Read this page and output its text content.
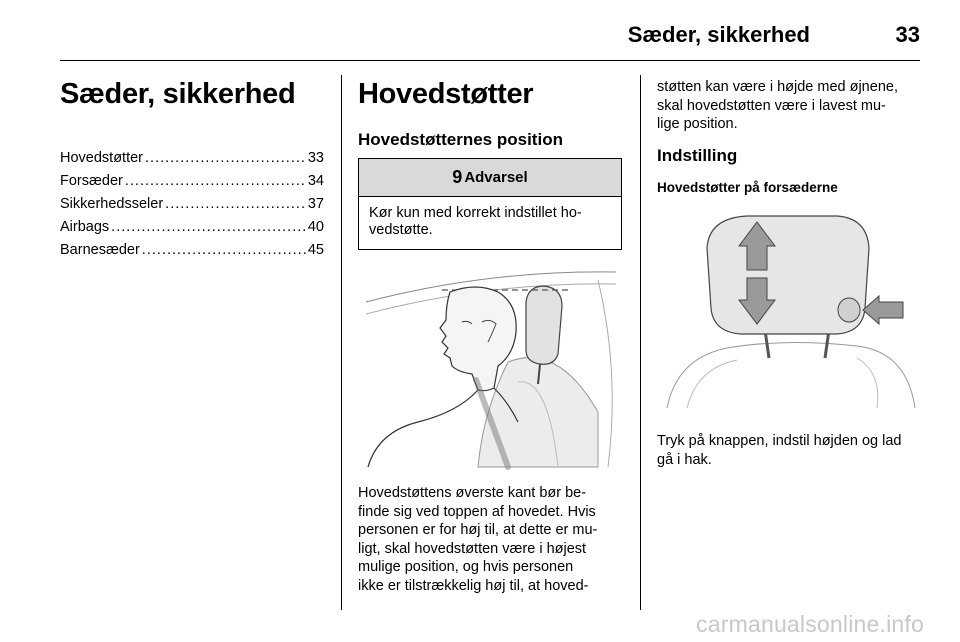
Sæder, sikkerhed	33
Sæder, sikkerhed
Hovedstøtter .....	33
Forsæder .....	34
Sikkerhedsseler .....	37
Airbags .....	40
Barnesæder .....	45
Hovedstøtter
Hovedstøtternes position
9 Advarsel
Kør kun med korrekt indstillet ho-vedstøtte.
Hovedstøttens øverste kant bør be-
finde sig ved toppen af hovedet. Hvis
personen er for høj til, at dette er mu-
ligt, skal hovedstøtten være i højest
mulige position, og hvis personen
ikke er tilstrækkelig høj til, at hoved-
støtten kan være i højde med øjnene,
skal hovedstøtten være i lavest mu-
lige position.
Indstilling
Hovedstøtter på forsæderne
Tryk på knappen, indstil højden og lad
gå i hak.
carmanualsonline.info
